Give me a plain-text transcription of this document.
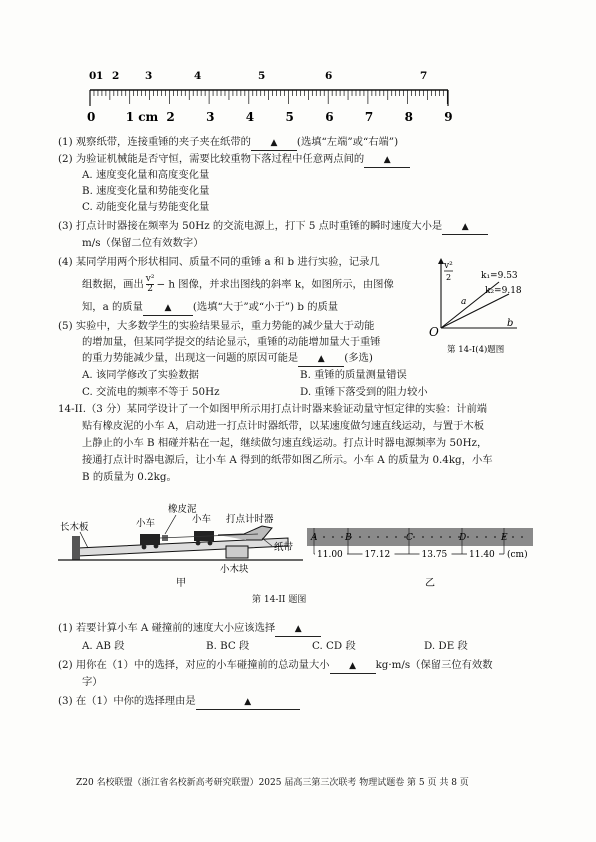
0 1 2 3	4	5	6	7
0	1 cm 2	3	4	5	6	7	8	9
(1) 观察纸带，连接重锤的夹子夹在纸带的 ▲ (选填“左端”或“右端”)
(2) 为验证机械能是否守恒，需要比较重物下落过程中任意两点间的 ▲
A. 速度变化量和高度变化量
B. 速度变化量和势能变化量
C. 动能变化量与势能变化量
(3) 打点计时器接在频率为 50Hz 的交流电源上，打下 5 点时重锤的瞬时速度大小是 ▲
m/s（保留二位有效数字）
(4) 某同学用两个形状相同、质量不同的重锤 a 和 b 进行实验，记录几
组数据，画出 $\frac{\text{v²}}{2} - h$ 图像，并求出图线的斜率 k，如图所示，由图像
知，a 的质量 ▲ (选填“大于”或“小于”) b 的质量
v²
2
O
k₁=9.53
k₂=9.18
a
b
第 14-I(4)题图
(5) 实验中，大多数学生的实验结果显示，重力势能的减少量大于动能
的增加量，但某同学提交的结论显示，重锤的动能增加量大于重锤
的重力势能减少量，出现这一问题的原因可能是 ▲ (多选)
A. 该同学修改了实验数据	B. 重锤的质量测量错误
C. 交流电的频率不等于 50Hz	D. 重锤下落受到的阻力较小
14-II.（3 分）某同学设计了一个如图甲所示用打点计时器来验证动量守恒定律的实验：计前端
贴有橡皮泥的小车 A，启动进一打点计时器纸带，以某速度做匀速直线运动，与置于木板
上静止的小车 B 相碰并粘在一起，继续做匀速直线运动。打点计时器电源频率为 50Hz，
接通打点计时器电源后，让小车 A 得到的纸带如图乙所示。小车 A 的质量为 0.4kg，小车
B 的质量为 0.2kg。
长木板
橡皮泥
小车	小车 打点计时器
纸带
小木块
甲
A	B	C	D	E
11.00 17.12	13.75 11.40 (cm)
乙
第 14-II 题图
(1) 若要计算小车 A 碰撞前的速度大小应该选择 ▲
A. AB 段	B. BC 段	C. CD 段	D. DE 段
(2) 用你在（1）中的选择，对应的小车碰撞前的总动量大小 ▲ kg·m/s（保留三位有效数
字）
(3) 在（1）中你的选择理由是	▲
Z20 名校联盟（浙江省名校新高考研究联盟）2025 届高三第三次联考 物理试题卷 第 5 页 共 8 页
